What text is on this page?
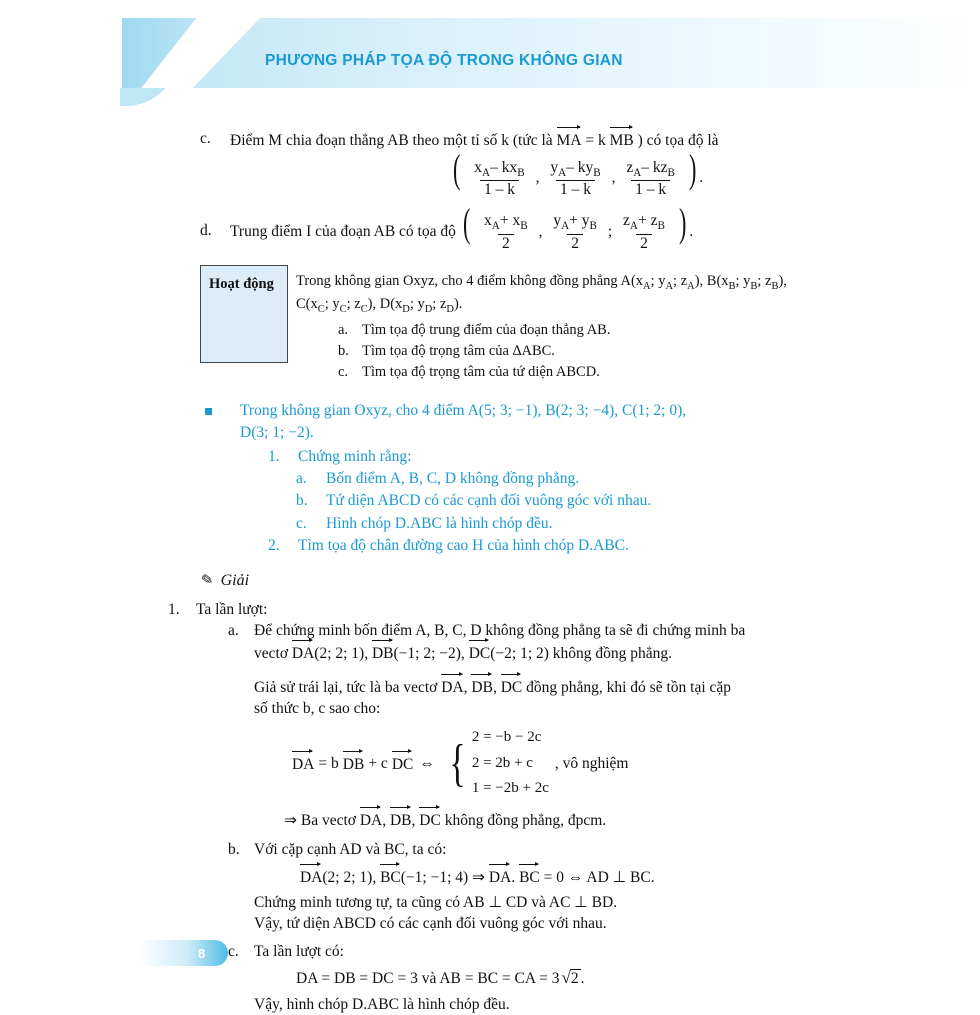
PHƯƠNG PHÁP TỌA ĐỘ TRONG KHÔNG GIAN
c.	Điểm M chia đoạn thẳng AB theo một tỉ số k (tức là MA = k MB ) có tọa độ là
(
$\frac{x_A- kx_B}{1 - k}$ , $\frac{y_A- ky_B}{1 - k}$ , $\frac{z_A- kz_B}{1 - k}$
) .
d.	Trung điểm I của đoạn AB có tọa độ (
$\frac{x_A+ x_B}{2}$ , $\frac{y_A+ y_B}{2}$ ; $\frac{z_A+ z_B}{2}$
) .
Hoạt động	Trong không gian Oxyz, cho 4 điểm không đồng phẳng $A(x_A$; $y_A$; $z_A$), $B(x_B$; $y_B$; $z_B$),
$C(x_C$; $y_C$; $z_C$), $D(x_D$; $y_D$; $z_D$).
a. Tìm tọa độ trung điểm của đoạn thẳng AB.
b. Tìm tọa độ trọng tâm của ∆ABC.
c. Tìm tọa độ trọng tâm của tứ diện ABCD.
Trong không gian Oxyz, cho 4 điểm A(5; 3; −1), B(2; 3; −4), C(1; 2; 0),
D(3; 1; −2).
1.	Chứng minh rằng:
a.	Bốn điểm A, B, C, D không đồng phẳng.
b.	Tứ diện ABCD có các cạnh đối vuông góc với nhau.
c.	Hình chóp D.ABC là hình chóp đều.
2.	Tìm tọa độ chân đường cao H của hình chóp D.ABC.
✎ Giải
1.	Ta lần lượt:
a. Để chứng minh bốn điểm A, B, C, D không đồng phẳng ta sẽ đi chứng minh ba
vectơ DA(2; 2; 1), DB(−1; 2; −2), DC(−2; 1; 2) không đồng phẳng.
Giả sử trái lại, tức là ba vectơ DA, DB, DC đồng phẳng, khi đó sẽ tồn tại cặp
số thức b, c sao cho:
DA = b DB + c DC ⇔ { 2 = −b − 2c
2 = 2b + c
1 = −2b + 2c
, vô nghiệm
⇒ Ba vectơ DA, DB, DC không đồng phẳng, đpcm.
b. Với cặp cạnh AD và BC, ta có:
DA(2; 2; 1), BC(−1; −1; 4) ⇒ DA. BC = 0 ⇔ AD ⊥ BC.
Chứng minh tương tự, ta cũng có AB ⊥ CD và AC ⊥ BD.
Vậy, tứ diện ABCD có các cạnh đối vuông góc với nhau.
c. Ta lần lượt có:
DA = DB = DC = 3 và AB = BC = CA = 3 √2 .
Vậy, hình chóp D.ABC là hình chóp đều.
8
